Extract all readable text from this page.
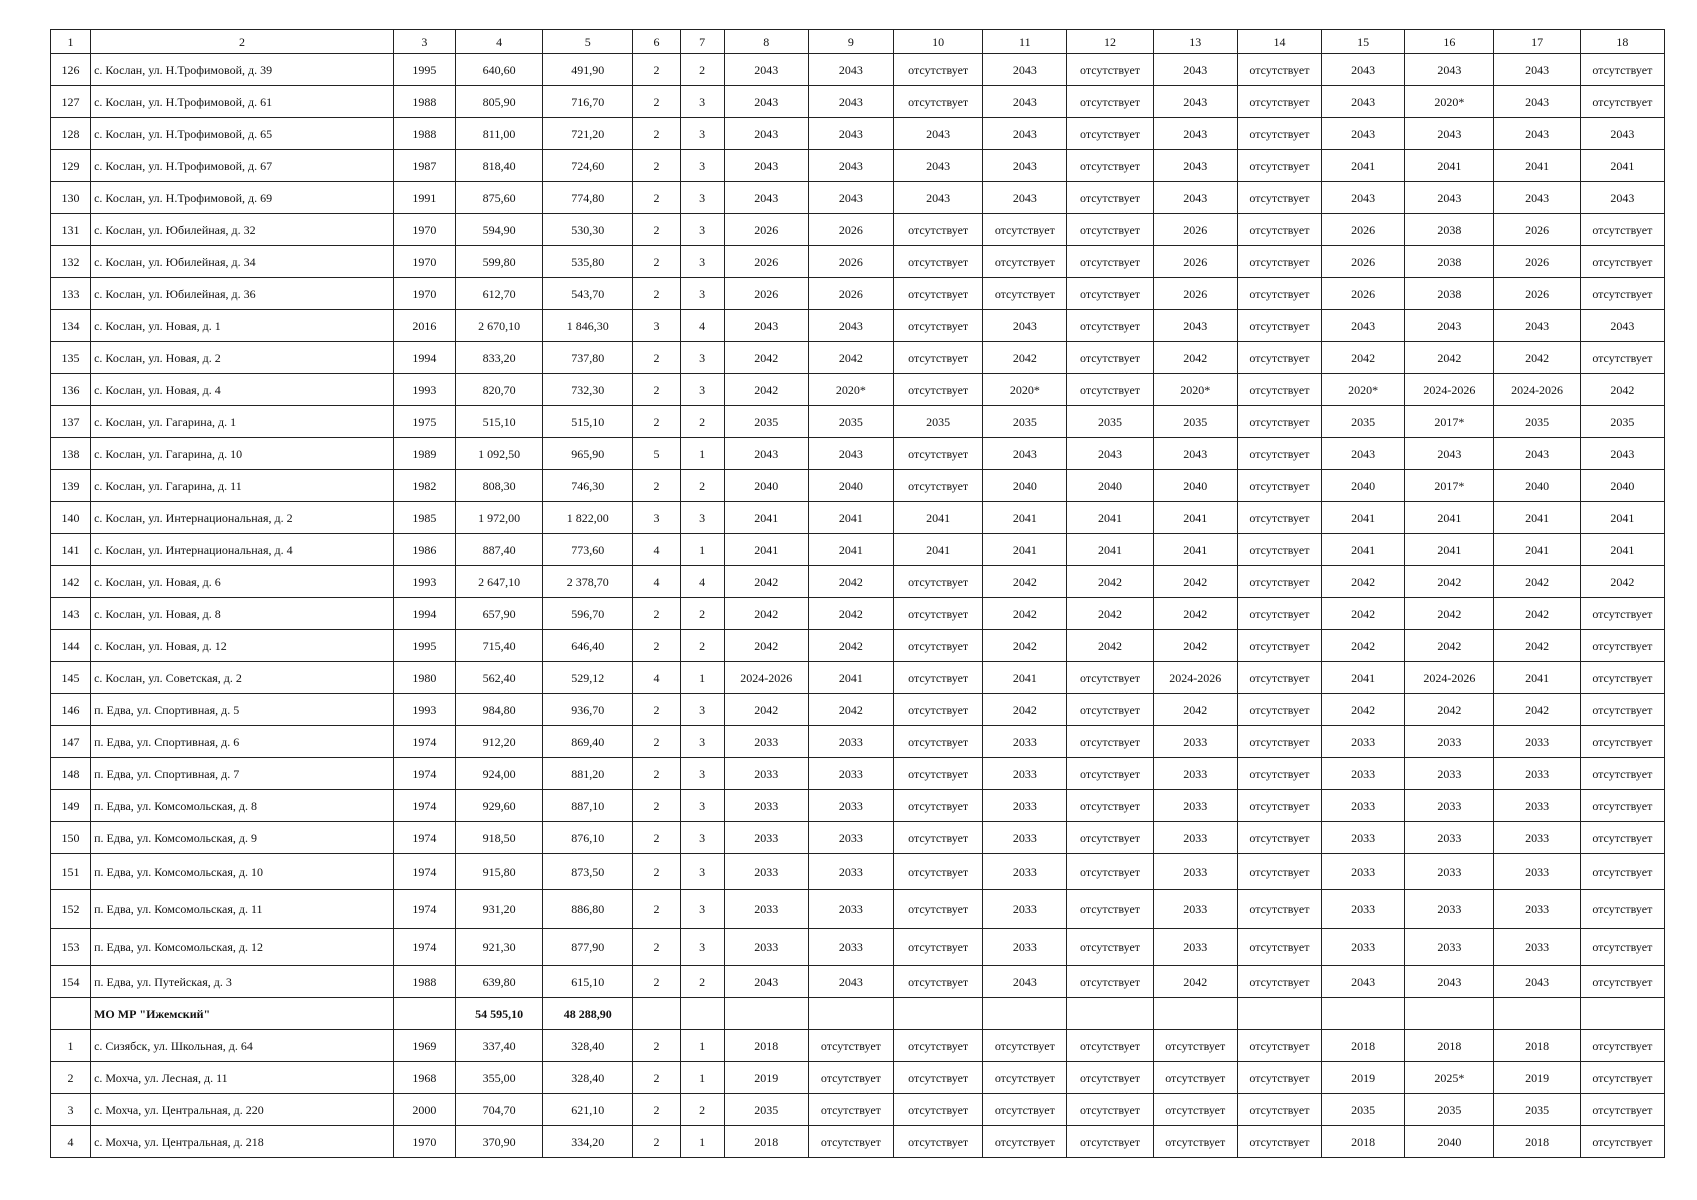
1	2	3	4	5	6	7	8	9	10	11	12	13	14	15	16	17	18
126	с. Кослан, ул. Н.Трофимовой, д. 39	1995	640,60	491,90	2	2	2043	2043	отсутствует	2043	отсутствует	2043	отсутствует	2043	2043	2043	отсутствует
127	с. Кослан, ул. Н.Трофимовой, д. 61	1988	805,90	716,70	2	3	2043	2043	отсутствует	2043	отсутствует	2043	отсутствует	2043	2020*	2043	отсутствует
128	с. Кослан, ул. Н.Трофимовой, д. 65	1988	811,00	721,20	2	3	2043	2043	2043	2043	отсутствует	2043	отсутствует	2043	2043	2043	2043
129	с. Кослан, ул. Н.Трофимовой, д. 67	1987	818,40	724,60	2	3	2043	2043	2043	2043	отсутствует	2043	отсутствует	2041	2041	2041	2041
130	с. Кослан, ул. Н.Трофимовой, д. 69	1991	875,60	774,80	2	3	2043	2043	2043	2043	отсутствует	2043	отсутствует	2043	2043	2043	2043
131	с. Кослан, ул. Юбилейная, д. 32	1970	594,90	530,30	2	3	2026	2026	отсутствует	отсутствует	отсутствует	2026	отсутствует	2026	2038	2026	отсутствует
132	с. Кослан, ул. Юбилейная, д. 34	1970	599,80	535,80	2	3	2026	2026	отсутствует	отсутствует	отсутствует	2026	отсутствует	2026	2038	2026	отсутствует
133	с. Кослан, ул. Юбилейная, д. 36	1970	612,70	543,70	2	3	2026	2026	отсутствует	отсутствует	отсутствует	2026	отсутствует	2026	2038	2026	отсутствует
134	с. Кослан, ул. Новая, д. 1	2016	2 670,10	1 846,30	3	4	2043	2043	отсутствует	2043	отсутствует	2043	отсутствует	2043	2043	2043	2043
135	с. Кослан, ул. Новая, д. 2	1994	833,20	737,80	2	3	2042	2042	отсутствует	2042	отсутствует	2042	отсутствует	2042	2042	2042	отсутствует
136	с. Кослан, ул. Новая, д. 4	1993	820,70	732,30	2	3	2042	2020*	отсутствует	2020*	отсутствует	2020*	отсутствует	2020*	2024-2026	2024-2026	2042
137	с. Кослан, ул. Гагарина, д. 1	1975	515,10	515,10	2	2	2035	2035	2035	2035	2035	2035	отсутствует	2035	2017*	2035	2035
138	с. Кослан, ул. Гагарина, д. 10	1989	1 092,50	965,90	5	1	2043	2043	отсутствует	2043	2043	2043	отсутствует	2043	2043	2043	2043
139	с. Кослан, ул. Гагарина, д. 11	1982	808,30	746,30	2	2	2040	2040	отсутствует	2040	2040	2040	отсутствует	2040	2017*	2040	2040
140	с. Кослан, ул. Интернациональная, д. 2	1985	1 972,00	1 822,00	3	3	2041	2041	2041	2041	2041	2041	отсутствует	2041	2041	2041	2041
141	с. Кослан, ул. Интернациональная, д. 4	1986	887,40	773,60	4	1	2041	2041	2041	2041	2041	2041	отсутствует	2041	2041	2041	2041
142	с. Кослан, ул. Новая, д. 6	1993	2 647,10	2 378,70	4	4	2042	2042	отсутствует	2042	2042	2042	отсутствует	2042	2042	2042	2042
143	с. Кослан, ул. Новая, д. 8	1994	657,90	596,70	2	2	2042	2042	отсутствует	2042	2042	2042	отсутствует	2042	2042	2042	отсутствует
144	с. Кослан, ул. Новая, д. 12	1995	715,40	646,40	2	2	2042	2042	отсутствует	2042	2042	2042	отсутствует	2042	2042	2042	отсутствует
145	с. Кослан, ул. Советская, д. 2	1980	562,40	529,12	4	1	2024-2026	2041	отсутствует	2041	отсутствует	2024-2026	отсутствует	2041	2024-2026	2041	отсутствует
146	п. Едва, ул. Спортивная, д. 5	1993	984,80	936,70	2	3	2042	2042	отсутствует	2042	отсутствует	2042	отсутствует	2042	2042	2042	отсутствует
147	п. Едва, ул. Спортивная, д. 6	1974	912,20	869,40	2	3	2033	2033	отсутствует	2033	отсутствует	2033	отсутствует	2033	2033	2033	отсутствует
148	п. Едва, ул. Спортивная, д. 7	1974	924,00	881,20	2	3	2033	2033	отсутствует	2033	отсутствует	2033	отсутствует	2033	2033	2033	отсутствует
149	п. Едва, ул. Комсомольская, д. 8	1974	929,60	887,10	2	3	2033	2033	отсутствует	2033	отсутствует	2033	отсутствует	2033	2033	2033	отсутствует
150	п. Едва, ул. Комсомольская, д. 9	1974	918,50	876,10	2	3	2033	2033	отсутствует	2033	отсутствует	2033	отсутствует	2033	2033	2033	отсутствует
151	п. Едва, ул. Комсомольская, д. 10	1974	915,80	873,50	2	3	2033	2033	отсутствует	2033	отсутствует	2033	отсутствует	2033	2033	2033	отсутствует
152	п. Едва, ул. Комсомольская, д. 11	1974	931,20	886,80	2	3	2033	2033	отсутствует	2033	отсутствует	2033	отсутствует	2033	2033	2033	отсутствует
153	п. Едва, ул. Комсомольская, д. 12	1974	921,30	877,90	2	3	2033	2033	отсутствует	2033	отсутствует	2033	отсутствует	2033	2033	2033	отсутствует
154	п. Едва, ул. Путейская, д. 3	1988	639,80	615,10	2	2	2043	2043	отсутствует	2043	отсутствует	2042	отсутствует	2043	2043	2043	отсутствует
	МО МР "Ижемский"		54 595,10	48 288,90													
1	с. Сизябск, ул. Школьная, д. 64	1969	337,40	328,40	2	1	2018	отсутствует	отсутствует	отсутствует	отсутствует	отсутствует	отсутствует	2018	2018	2018	отсутствует
2	с. Мохча, ул. Лесная, д. 11	1968	355,00	328,40	2	1	2019	отсутствует	отсутствует	отсутствует	отсутствует	отсутствует	отсутствует	2019	2025*	2019	отсутствует
3	с. Мохча, ул. Центральная, д. 220	2000	704,70	621,10	2	2	2035	отсутствует	отсутствует	отсутствует	отсутствует	отсутствует	отсутствует	2035	2035	2035	отсутствует
4	с. Мохча, ул. Центральная, д. 218	1970	370,90	334,20	2	1	2018	отсутствует	отсутствует	отсутствует	отсутствует	отсутствует	отсутствует	2018	2040	2018	отсутствует
